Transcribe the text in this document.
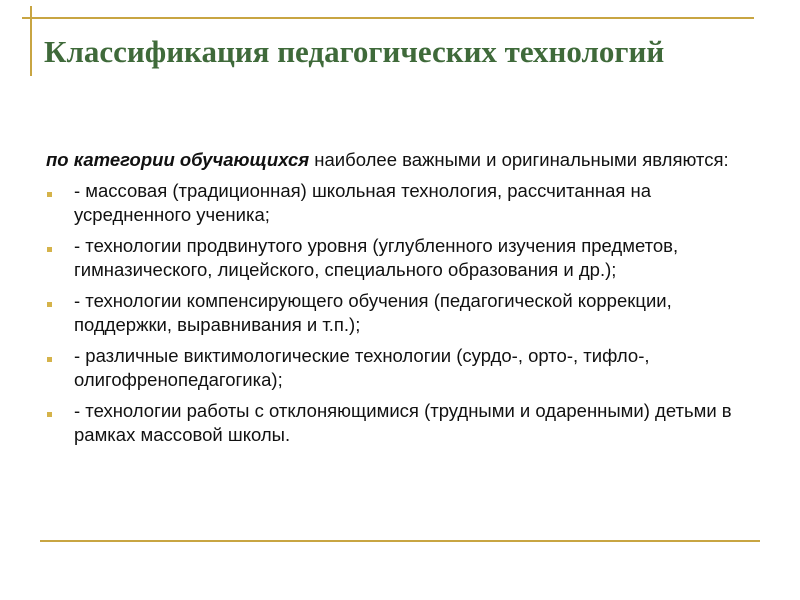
Классификация педагогических технологий

по категории обучающихся наиболее важными и оригинальными являются:

- массовая (традиционная) школьная технология, рассчитанная на усредненного ученика;
- технологии продвинутого уровня (углубленного изучения предметов, гимназического, лицейского, специального образования и др.);
- технологии компенсирующего обучения (педагогической коррекции, поддержки, выравнивания и т.п.);
- различные виктимологические технологии (сурдо-, орто-, тифло-, олигофренопедагогика);
- технологии работы с отклоняющимися (трудными и одаренными) детьми в рамках массовой школы.
